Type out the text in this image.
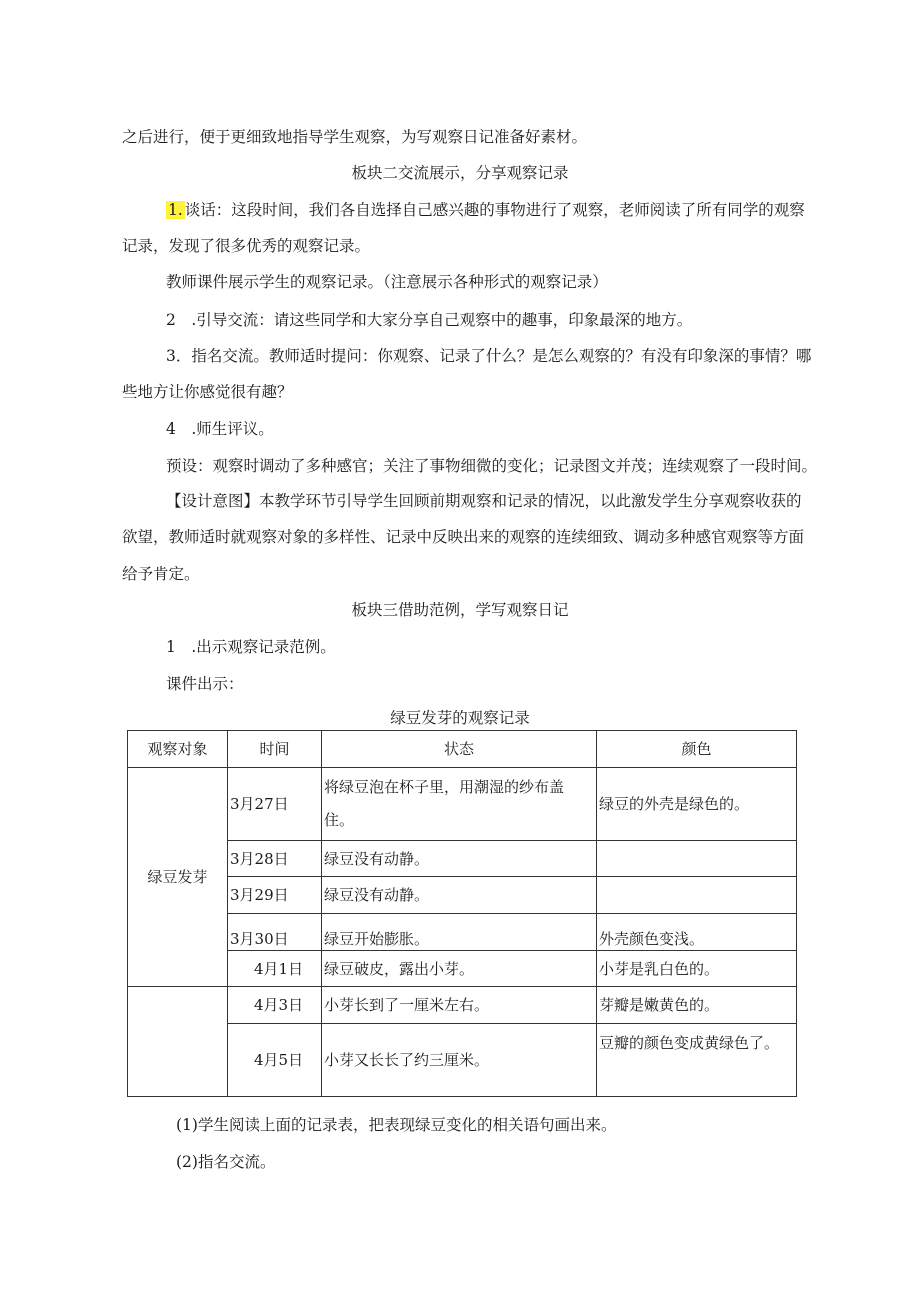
之后进行，便于更细致地指导学生观察，为写观察日记准备好素材。
板块二交流展示，分享观察记录
1. 谈话：这段时间，我们各自选择自己感兴趣的事物进行了观察，老师阅读了所有同学的观察
记录，发现了很多优秀的观察记录。
教师课件展示学生的观察记录。（注意展示各种形式的观察记录）
2　.引导交流：请这些同学和大家分享自己观察中的趣事，印象最深的地方。
3．指名交流。教师适时提问：你观察、记录了什么？是怎么观察的？有没有印象深的事情？哪
些地方让你感觉很有趣？
4　.师生评议。
预设：观察时调动了多种感官；关注了事物细微的变化；记录图文并茂；连续观察了一段时间。
【设计意图】本教学环节引导学生回顾前期观察和记录的情况，以此激发学生分享观察收获的
欲望，教师适时就观察对象的多样性、记录中反映出来的观察的连续细致、调动多种感官观察等方面
给予肯定。
板块三借助范例，学写观察日记
1　.出示观察记录范例。
课件出示：
绿豆发芽的观察记录
观察对象	时间	状态	颜色
绿豆发芽	3月27日	将绿豆泡在杯子里，用潮湿的纱布盖
住。	绿豆的外壳是绿色的。
	3月28日	绿豆没有动静。	
	3月29日	绿豆没有动静。	
	3月30日	绿豆开始膨胀。	外壳颜色变浅。
	4月1日	绿豆破皮，露出小芽。	小芽是乳白色的。
	4月3日	小芽长到了一厘米左右。	芽瓣是嫩黄色的。
	4月5日	小芽又长长了约三厘米。	豆瓣的颜色变成黄绿色了。
(1)学生阅读上面的记录表，把表现绿豆变化的相关语句画出来。
(2)指名交流。
